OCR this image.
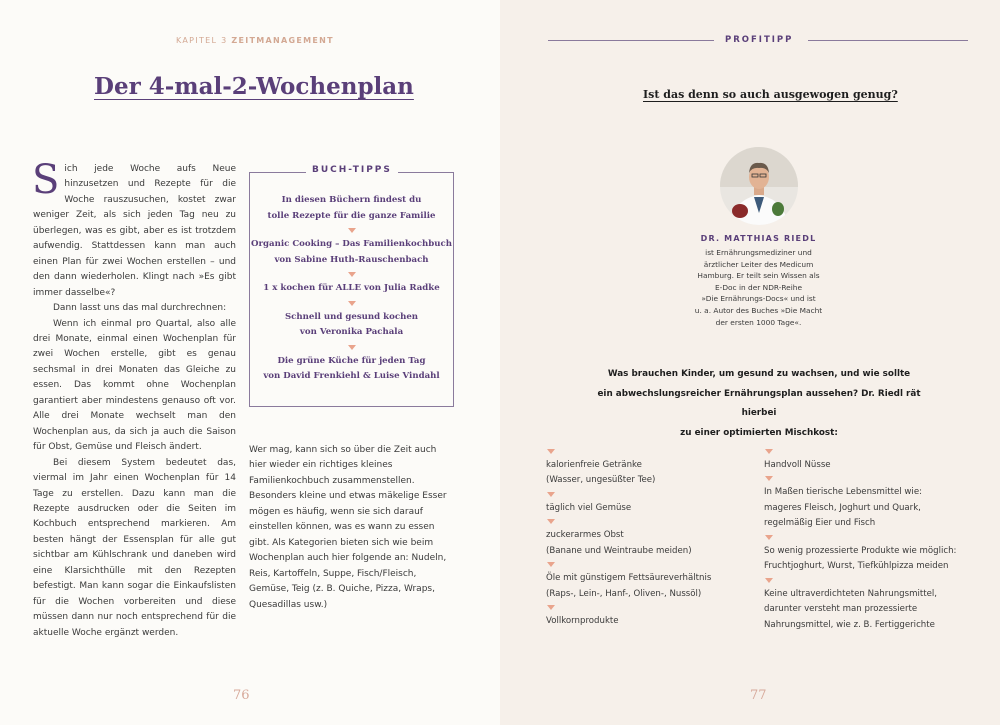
KAPITEL 3 ZEITMANAGEMENT
Der 4-mal-2-Wochenplan

Sich jede Woche aufs Neue hinzusetzen und Rezepte für die Woche rauszusuchen, kostet zwar weniger Zeit, als sich jeden Tag neu zu überlegen, was es gibt, aber es ist trotzdem aufwendig. Stattdessen kann man auch einen Plan für zwei Wochen erstellen – und den dann wiederholen. Klingt nach »Es gibt immer dasselbe«?

Dann lasst uns das mal durchrechnen:

Wenn ich einmal pro Quartal, also alle drei Monate, einmal einen Wochenplan für zwei Wochen erstelle, gibt es genau sechsmal in drei Monaten das Gleiche zu essen. Das kommt ohne Wochenplan garantiert aber mindestens genauso oft vor. Alle drei Monate wechselt man den Wochenplan aus, da sich ja auch die Saison für Obst, Gemüse und Fleisch ändert.

Bei diesem System bedeutet das, viermal im Jahr einen Wochenplan für 14 Tage zu erstellen. Dazu kann man die Rezepte ausdrucken oder die Seiten im Kochbuch entsprechend markieren. Am besten hängt der Essensplan für alle gut sichtbar am Kühlschrank und daneben wird eine Klarsichthülle mit den Rezepten befestigt. Man kann sogar die Einkaufslisten für die Wochen vorbereiten und diese müssen dann nur noch entsprechend für die aktuelle Woche ergänzt werden.

BUCH-TIPPS
In diesen Büchern findest du
tolle Rezepte für die ganze Familie
Organic Cooking – Das Familienkochbuch
von Sabine Huth-Rauschenbach
1 x kochen für ALLE von Julia Radke
Schnell und gesund kochen
von Veronika Pachala
Die grüne Küche für jeden Tag
von David Frenkiehl & Luise Vindahl

Wer mag, kann sich so über die Zeit auch hier wieder ein richtiges kleines Familienkochbuch zusammenstellen. Besonders kleine und etwas mäkelige Esser mögen es häufig, wenn sie sich darauf einstellen können, was es wann zu essen gibt. Als Kategorien bieten sich wie beim Wochenplan auch hier folgende an: Nudeln, Reis, Kartoffeln, Suppe, Fisch/Fleisch, Gemüse, Teig (z. B. Quiche, Pizza, Wraps, Quesadillas usw.)

76
PROFITIPP
Ist das denn so auch ausgewogen genug?
DR. MATTHIAS RIEDL
ist Ernährungsmediziner und
ärztlicher Leiter des Medicum
Hamburg. Er teilt sein Wissen als
E-Doc in der NDR-Reihe
»Die Ernährungs-Docs« und ist
u. a. Autor des Buches »Die Macht
der ersten 1000 Tage«.
Was brauchen Kinder, um gesund zu wachsen, und wie sollte
ein abwechslungsreicher Ernährungsplan aussehen? Dr. Riedl rät hierbei
zu einer optimierten Mischkost:
kalorienfreie Getränke
(Wasser, ungesüßter Tee)
täglich viel Gemüse
zuckerarmes Obst
(Banane und Weintraube meiden)
Öle mit günstigem Fettsäureverhältnis
(Raps-, Lein-, Hanf-, Oliven-, Nussöl)
Vollkornprodukte
Handvoll Nüsse
In Maßen tierische Lebensmittel wie:
mageres Fleisch, Joghurt und Quark,
regelmäßig Eier und Fisch
So wenig prozessierte Produkte wie möglich:
Fruchtjoghurt, Wurst, Tiefkühlpizza meiden
Keine ultraverdichteten Nahrungsmittel,
darunter versteht man prozessierte
Nahrungsmittel, wie z. B. Fertiggerichte
77
